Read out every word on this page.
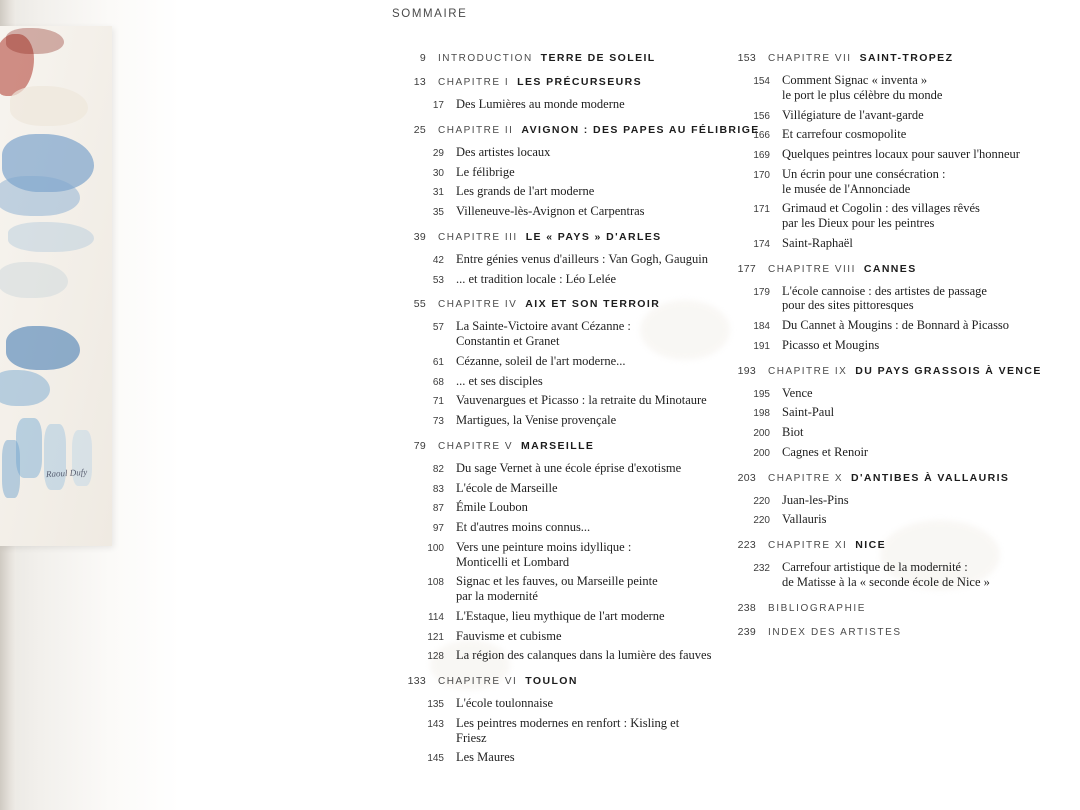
Raoul Dufy
SOMMAIRE
9 INTRODUCTION TERRE DE SOLEIL
13 CHAPITRE I LES PRÉCURSEURS
17 Des Lumières au monde moderne
25 CHAPITRE II AVIGNON : DES PAPES AU FÉLIBRIGE
29 Des artistes locaux
30 Le félibrige
31 Les grands de l'art moderne
35 Villeneuve-lès-Avignon et Carpentras
39 CHAPITRE III LE « PAYS » D'ARLES
42 Entre génies venus d'ailleurs : Van Gogh, Gauguin
53 ... et tradition locale : Léo Lelée
55 CHAPITRE IV AIX ET SON TERROIR
57 La Sainte-Victoire avant Cézanne :
Constantin et Granet
61 Cézanne, soleil de l'art moderne...
68 ... et ses disciples
71 Vauvenargues et Picasso : la retraite du Minotaure
73 Martigues, la Venise provençale
79 CHAPITRE V MARSEILLE
82 Du sage Vernet à une école éprise d'exotisme
83 L'école de Marseille
87 Émile Loubon
97 Et d'autres moins connus...
100 Vers une peinture moins idyllique :
Monticelli et Lombard
108 Signac et les fauves, ou Marseille peinte
par la modernité
114 L'Estaque, lieu mythique de l'art moderne
121 Fauvisme et cubisme
128 La région des calanques dans la lumière des fauves
133 CHAPITRE VI TOULON
135 L'école toulonnaise
143 Les peintres modernes en renfort : Kisling et Friesz
145 Les Maures
153 CHAPITRE VII SAINT-TROPEZ
154 Comment Signac « inventa »
le port le plus célèbre du monde
156 Villégiature de l'avant-garde
166 Et carrefour cosmopolite
169 Quelques peintres locaux pour sauver l'honneur
170 Un écrin pour une consécration :
le musée de l'Annonciade
171 Grimaud et Cogolin : des villages rêvés
par les Dieux pour les peintres
174 Saint-Raphaël
177 CHAPITRE VIII CANNES
179 L'école cannoise : des artistes de passage
pour des sites pittoresques
184 Du Cannet à Mougins : de Bonnard à Picasso
191 Picasso et Mougins
193 CHAPITRE IX DU PAYS GRASSOIS À VENCE
195 Vence
198 Saint-Paul
200 Biot
200 Cagnes et Renoir
203 CHAPITRE X D'ANTIBES À VALLAURIS
220 Juan-les-Pins
220 Vallauris
223 CHAPITRE XI NICE
232 Carrefour artistique de la modernité :
de Matisse à la « seconde école de Nice »
238 BIBLIOGRAPHIE
239 INDEX DES ARTISTES
